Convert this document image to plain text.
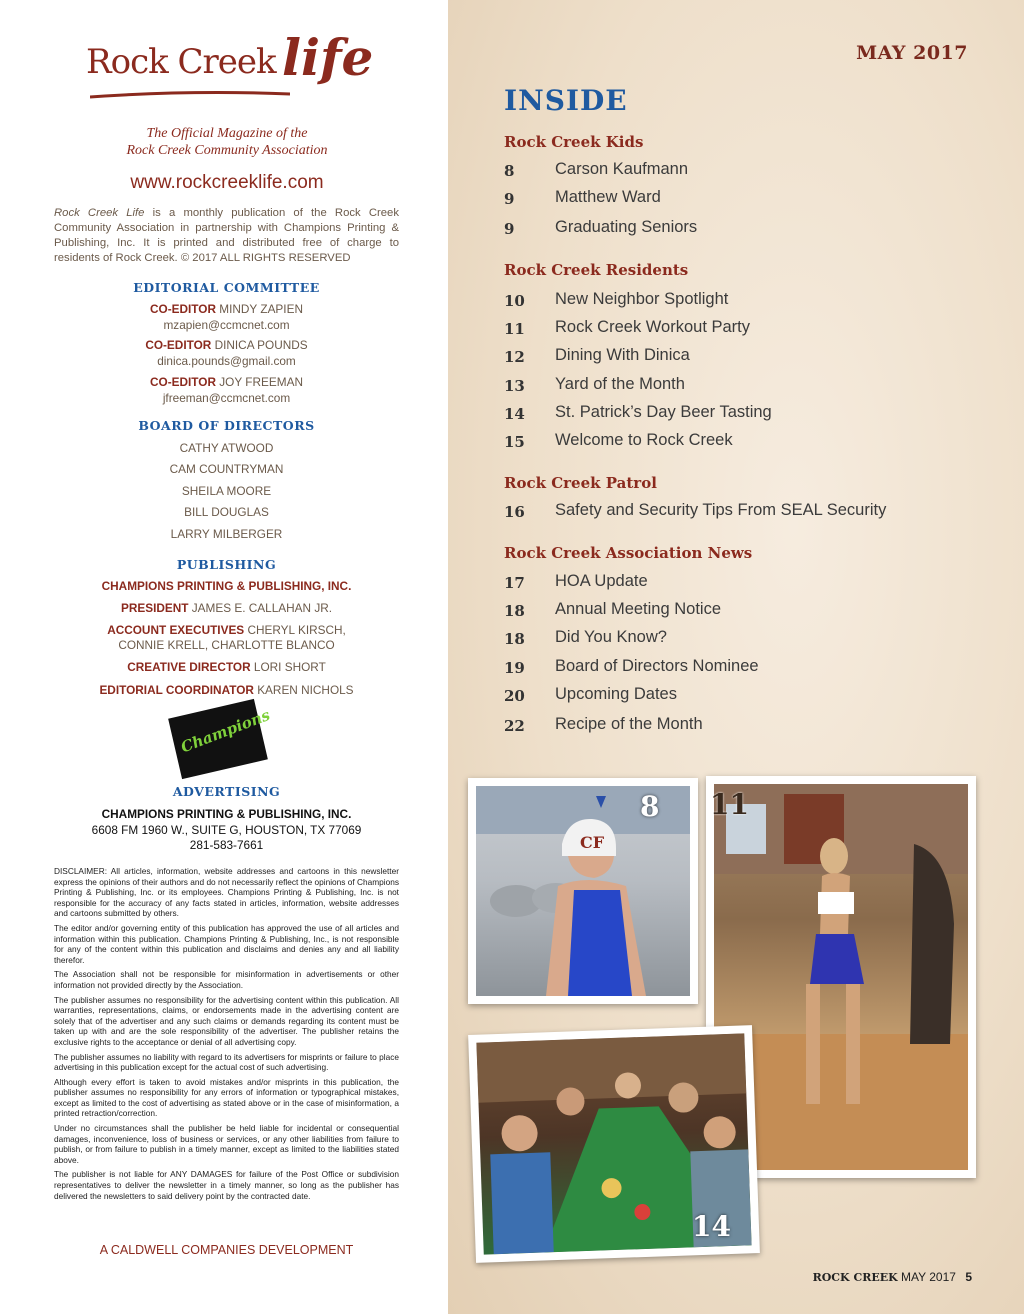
Rock Creek life
The Official Magazine of the
Rock Creek Community Association
www.rockcreeklife.com
Rock Creek Life is a monthly publication of the Rock Creek Community Association in partnership with Champions Printing & Publishing, Inc. It is printed and distributed free of charge to residents of Rock Creek. © 2017 ALL RIGHTS RESERVED
EDITORIAL COMMITTEE
CO-EDITOR MINDY ZAPIEN
mzapien@ccmcnet.com
CO-EDITOR DINICA POUNDS
dinica.pounds@gmail.com
CO-EDITOR JOY FREEMAN
jfreeman@ccmcnet.com
BOARD OF DIRECTORS
CATHY ATWOOD
CAM COUNTRYMAN
SHEILA MOORE
BILL DOUGLAS
LARRY MILBERGER
PUBLISHING
CHAMPIONS PRINTING & PUBLISHING, INC.
PRESIDENT JAMES E. CALLAHAN JR.
ACCOUNT EXECUTIVES CHERYL KIRSCH,
CONNIE KRELL, CHARLOTTE BLANCO
CREATIVE DIRECTOR LORI SHORT
EDITORIAL COORDINATOR KAREN NICHOLS
Champions
ADVERTISING
CHAMPIONS PRINTING & PUBLISHING, INC.
6608 FM 1960 W., SUITE G, HOUSTON, TX 77069
281-583-7661

DISCLAIMER: All articles, information, website addresses and cartoons in this newsletter express the opinions of their authors and do not necessarily reflect the opinions of Champions Printing & Publishing, Inc. or its employees. Champions Printing & Publishing, Inc. is not responsible for the accuracy of any facts stated in articles, information, website addresses and cartoons submitted by others.

The editor and/or governing entity of this publication has approved the use of all articles and information within this publication. Champions Printing & Publishing, Inc., is not responsible for any of the content within this publication and disclaims and denies any and all liability therefor.

The Association shall not be responsible for misinformation in advertisements or other information not provided directly by the Association.

The publisher assumes no responsibility for the advertising content within this publication. All warranties, representations, claims, or endorsements made in the advertising content are solely that of the advertiser and any such claims or demands regarding its content must be taken up with and are the sole responsibility of the advertiser. The publisher retains the exclusive rights to the acceptance or denial of all advertising copy.

The publisher assumes no liability with regard to its advertisers for misprints or failure to place advertising in this publication except for the actual cost of such advertising.

Although every effort is taken to avoid mistakes and/or misprints in this publication, the publisher assumes no responsibility for any errors of information or typographical mistakes, except as limited to the cost of advertising as stated above or in the case of misinformation, a printed retraction/correction.

Under no circumstances shall the publisher be held liable for incidental or consequential damages, inconvenience, loss of business or services, or any other liabilities from failure to publish, or from failure to publish in a timely manner, except as limited to the liabilities stated above.

The publisher is not liable for ANY DAMAGES for failure of the Post Office or subdivision representatives to deliver the newsletter in a timely manner, so long as the publisher has delivered the newsletters to said delivery point by the contracted date.

A CALDWELL COMPANIES DEVELOPMENT
MAY 2017
INSIDE
Rock Creek Kids
8 Carson Kaufmann
9 Matthew Ward
9 Graduating Seniors
Rock Creek Residents
10 New Neighbor Spotlight
11 Rock Creek Workout Party
12 Dining With Dinica
13 Yard of the Month
14 St. Patrick’s Day Beer Tasting
15 Welcome to Rock Creek
Rock Creek Patrol
16 Safety and Security Tips From SEAL Security
Rock Creek Association News
17 HOA Update
18 Annual Meeting Notice
18 Did You Know?
19 Board of Directors Nominee
20 Upcoming Dates
22 Recipe of the Month
CF
8 11
14
ROCK CREEK MAY 2017 5
